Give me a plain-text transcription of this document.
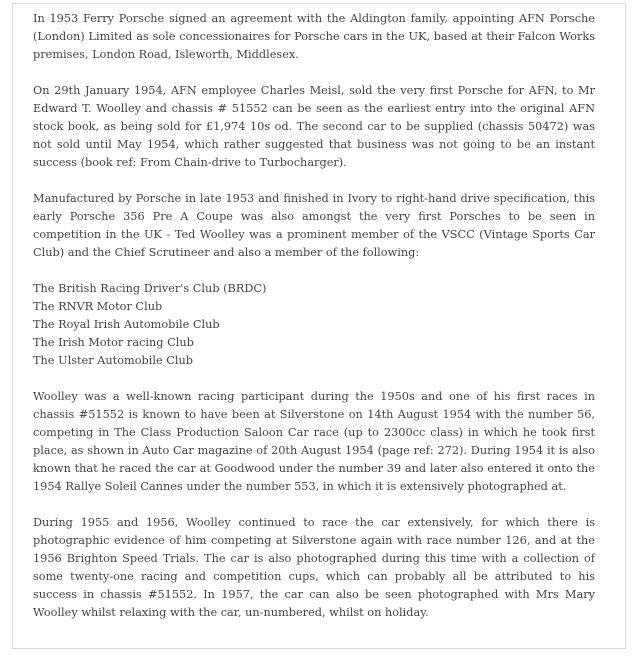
In 1953 Ferry Porsche signed an agreement with the Aldington family, appointing AFN Porsche (London) Limited as sole concessionaires for Porsche cars in the UK, based at their Falcon Works premises, London Road, Isleworth, Middlesex.

On 29th January 1954, AFN employee Charles Meisl, sold the very first Porsche for AFN, to Mr Edward T. Woolley and chassis # 51552 can be seen as the earliest entry into the original AFN stock book, as being sold for £1,974 10s od. The second car to be supplied (chassis 50472) was not sold until May 1954, which rather suggested that business was not going to be an instant success (book ref: From Chain-drive to Turbocharger).

Manufactured by Porsche in late 1953 and finished in Ivory to right-hand drive specification, this early Porsche 356 Pre A Coupe was also amongst the very first Porsches to be seen in competition in the UK - Ted Woolley was a prominent member of the VSCC (Vintage Sports Car Club) and the Chief Scrutineer and also a member of the following:

The British Racing Driver's Club (BRDC)
The RNVR Motor Club
The Royal Irish Automobile Club
The Irish Motor racing Club
The Ulster Automobile Club

Woolley was a well-known racing participant during the 1950s and one of his first races in chassis #51552 is known to have been at Silverstone on 14th August 1954 with the number 56, competing in The Class Production Saloon Car race (up to 2300cc class) in which he took first place, as shown in Auto Car magazine of 20th August 1954 (page ref: 272). During 1954 it is also known that he raced the car at Goodwood under the number 39 and later also entered it onto the 1954 Rallye Soleil Cannes under the number 553, in which it is extensively photographed at.

During 1955 and 1956, Woolley continued to race the car extensively, for which there is photographic evidence of him competing at Silverstone again with race number 126, and at the 1956 Brighton Speed Trials. The car is also photographed during this time with a collection of some twenty-one racing and competition cups, which can probably all be attributed to his success in chassis #51552. In 1957, the car can also be seen photographed with Mrs Mary Woolley whilst relaxing with the car, un-numbered, whilst on holiday.
